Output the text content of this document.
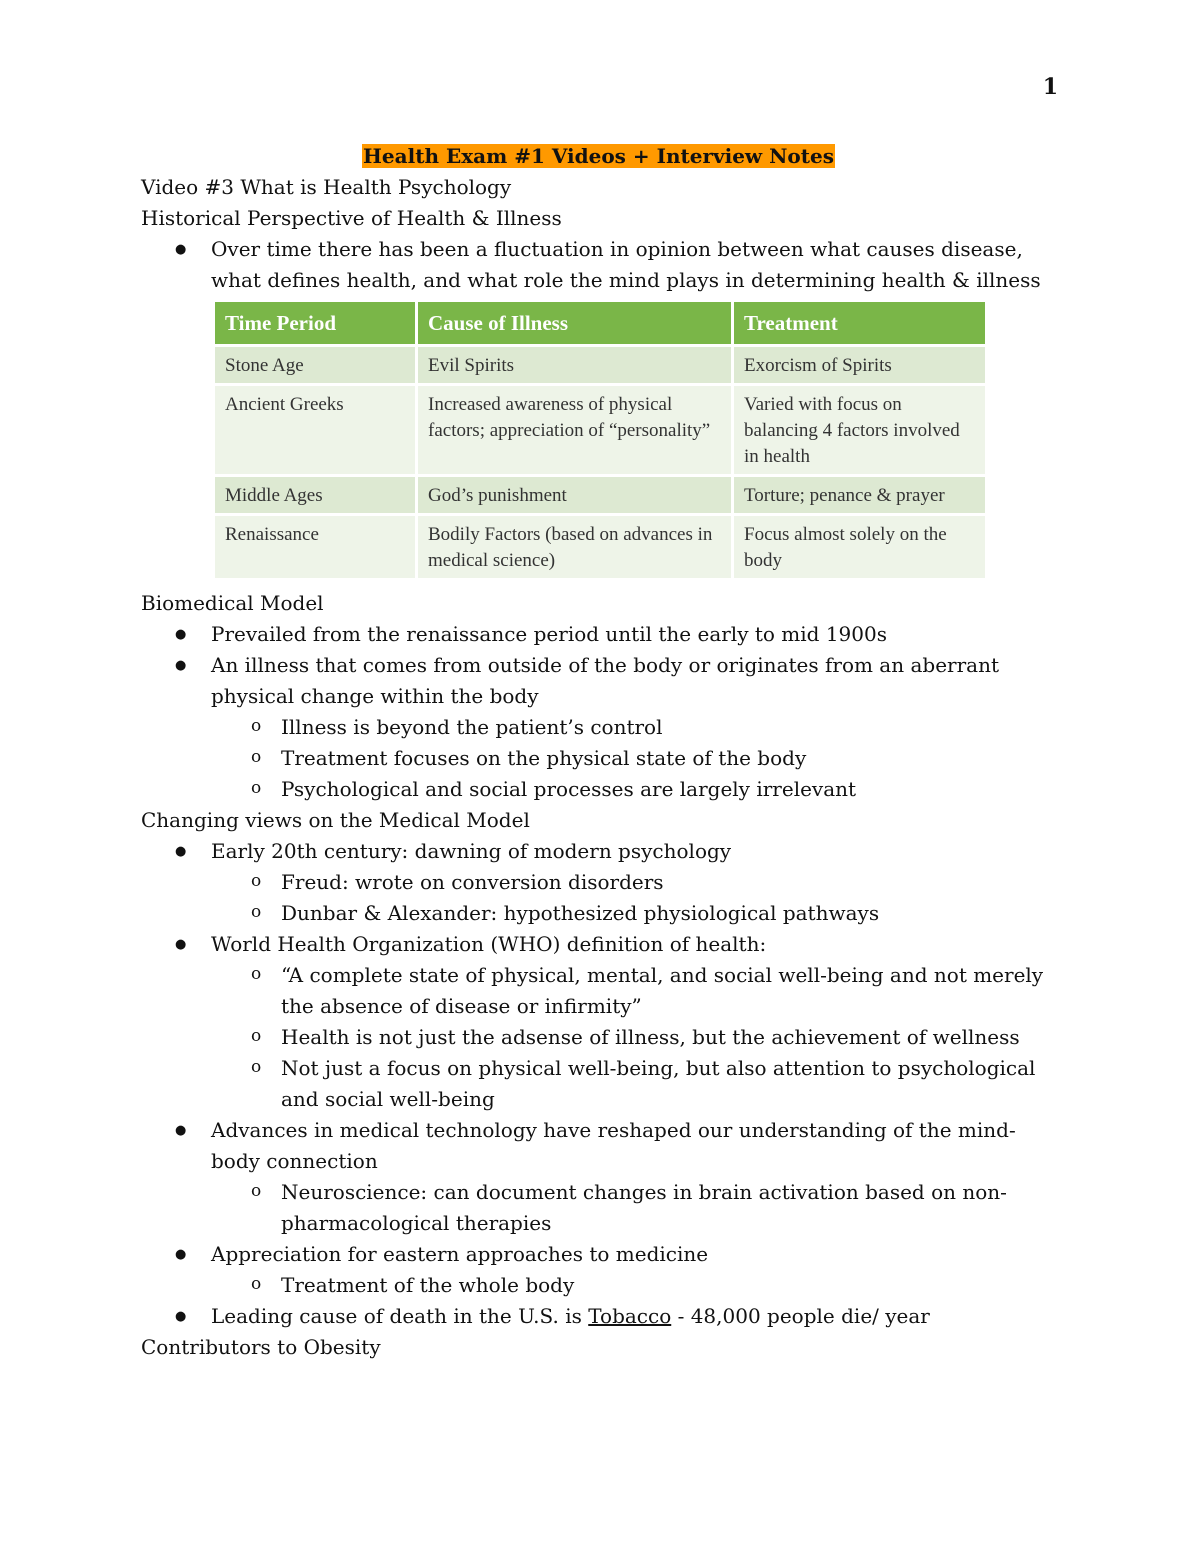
1
Health Exam #1 Videos + Interview Notes

Video #3 What is Health Psychology

Historical Perspective of Health & Illness

● Over time there has been a fluctuation in opinion between what causes disease, what defines health, and what role the mind plays in determining health & illness
Time Period	Cause of Illness	Treatment
Stone Age	Evil Spirits	Exorcism of Spirits
Ancient Greeks	Increased awareness of physical factors; appreciation of “personality”	Varied with focus on balancing 4 factors involved in health
Middle Ages	God’s punishment	Torture; penance & prayer
Renaissance	Bodily Factors (based on advances in medical science)	Focus almost solely on the body

Biomedical Model

● Prevailed from the renaissance period until the early to mid 1900s
● An illness that comes from outside of the body or originates from an aberrant physical change within the body
o Illness is beyond the patient’s control
o Treatment focuses on the physical state of the body
o Psychological and social processes are largely irrelevant

Changing views on the Medical Model

● Early 20th century: dawning of modern psychology
o Freud: wrote on conversion disorders
o Dunbar & Alexander: hypothesized physiological pathways
● World Health Organization (WHO) definition of health:
o “A complete state of physical, mental, and social well-being and not merely the absence of disease or infirmity”
o Health is not just the adsense of illness, but the achievement of wellness
o Not just a focus on physical well-being, but also attention to psychological and social well-being
● Advances in medical technology have reshaped our understanding of the mind-body connection
o Neuroscience: can document changes in brain activation based on non-pharmacological therapies
● Appreciation for eastern approaches to medicine
o Treatment of the whole body
● Leading cause of death in the U.S. is Tobacco - 48,000 people die/ year

Contributors to Obesity
